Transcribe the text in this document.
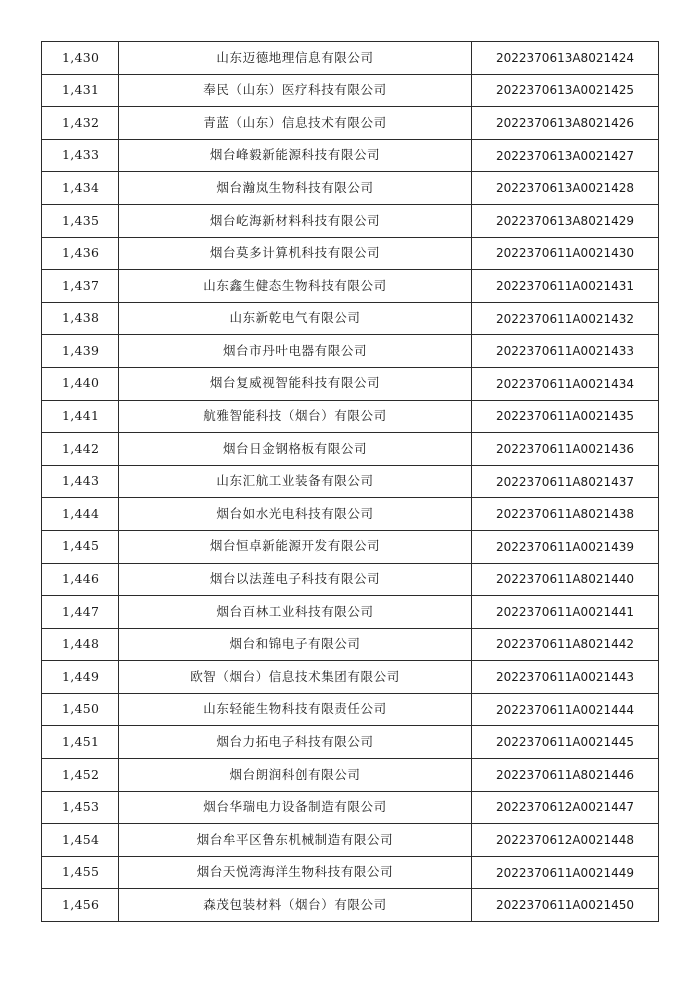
1,430	山东迈德地理信息有限公司	2022370613A8021424
1,431	奉民（山东）医疗科技有限公司	2022370613A0021425
1,432	青蓝（山东）信息技术有限公司	2022370613A8021426
1,433	烟台峰毅新能源科技有限公司	2022370613A0021427
1,434	烟台瀚岚生物科技有限公司	2022370613A0021428
1,435	烟台屹海新材料科技有限公司	2022370613A8021429
1,436	烟台莫多计算机科技有限公司	2022370611A0021430
1,437	山东鑫生健态生物科技有限公司	2022370611A0021431
1,438	山东新乾电气有限公司	2022370611A0021432
1,439	烟台市丹叶电器有限公司	2022370611A0021433
1,440	烟台复威视智能科技有限公司	2022370611A0021434
1,441	航雅智能科技（烟台）有限公司	2022370611A0021435
1,442	烟台日金钢格板有限公司	2022370611A0021436
1,443	山东汇航工业装备有限公司	2022370611A8021437
1,444	烟台如水光电科技有限公司	2022370611A8021438
1,445	烟台恒卓新能源开发有限公司	2022370611A0021439
1,446	烟台以法莲电子科技有限公司	2022370611A8021440
1,447	烟台百林工业科技有限公司	2022370611A0021441
1,448	烟台和锦电子有限公司	2022370611A8021442
1,449	欧智（烟台）信息技术集团有限公司	2022370611A0021443
1,450	山东轻能生物科技有限责任公司	2022370611A0021444
1,451	烟台力拓电子科技有限公司	2022370611A0021445
1,452	烟台朗润科创有限公司	2022370611A8021446
1,453	烟台华瑞电力设备制造有限公司	2022370612A0021447
1,454	烟台牟平区鲁东机械制造有限公司	2022370612A0021448
1,455	烟台天悦湾海洋生物科技有限公司	2022370611A0021449
1,456	森茂包装材料（烟台）有限公司	2022370611A0021450
